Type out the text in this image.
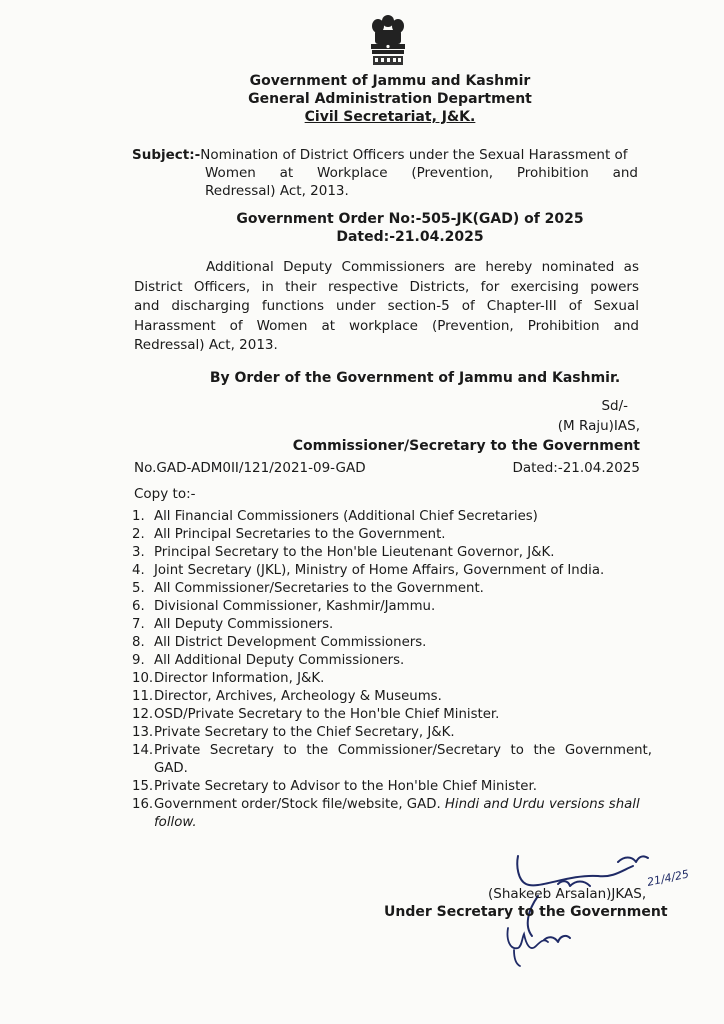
Government of Jammu and Kashmir
General Administration Department
Civil Secretariat, J&K.
Subject:-Nomination of District Officers under the Sexual Harassment of
Women at Workplace (Prevention, Prohibition and
Redressal) Act, 2013.
Government Order No:-505-JK(GAD) of 2025
Dated:-21.04.2025
Additional Deputy Commissioners are hereby nominated as
District Officers, in their respective Districts, for exercising powers
and discharging functions under section-5 of Chapter-III of Sexual
Harassment of Women at workplace (Prevention, Prohibition and
Redressal) Act, 2013.
By Order of the Government of Jammu and Kashmir.
Sd/-
(M Raju)IAS,
Commissioner/Secretary to the Government
No.GAD-ADM0II/121/2021-09-GAD	Dated:-21.04.2025
Copy to:-
1. All Financial Commissioners (Additional Chief Secretaries)
2. All Principal Secretaries to the Government.
3. Principal Secretary to the Hon'ble Lieutenant Governor, J&K.
4. Joint Secretary (JKL), Ministry of Home Affairs, Government of India.
5. All Commissioner/Secretaries to the Government.
6. Divisional Commissioner, Kashmir/Jammu.
7. All Deputy Commissioners.
8. All District Development Commissioners.
9. All Additional Deputy Commissioners.
10. Director Information, J&K.
11. Director, Archives, Archeology & Museums.
12. OSD/Private Secretary to the Hon'ble Chief Minister.
13. Private Secretary to the Chief Secretary, J&K.
14. Private Secretary to the Commissioner/Secretary to the Government,
GAD.
15. Private Secretary to Advisor to the Hon'ble Chief Minister.
16. Government order/Stock file/website, GAD. Hindi and Urdu versions shall
follow.
21/4/25
(Shakeeb Arsalan)JKAS,
Under Secretary to the Government
